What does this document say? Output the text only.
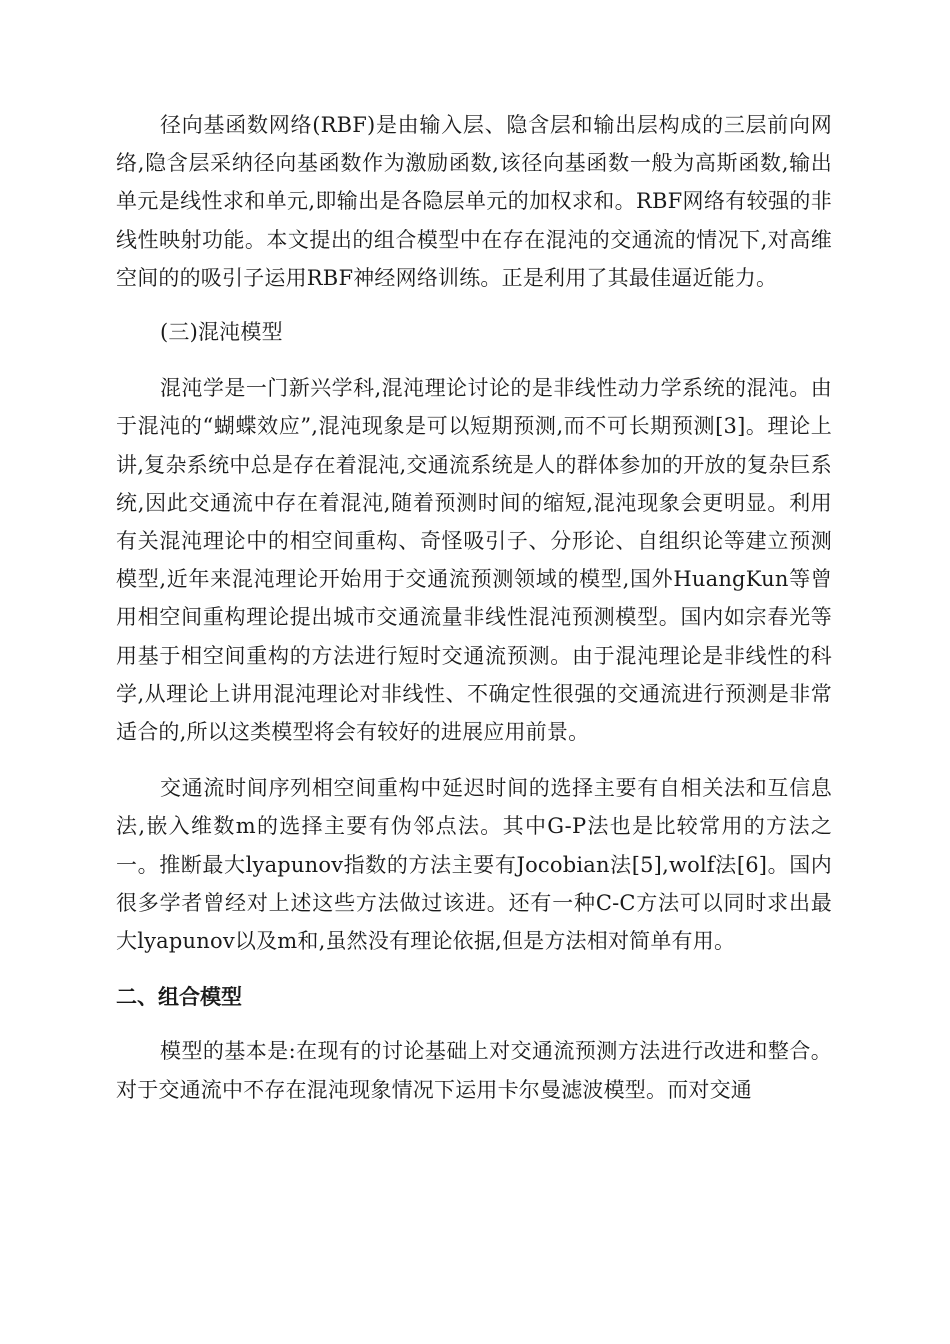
径向基函数网络(RBF)是由输入层、隐含层和输出层构成的三层前向网络,隐含层采纳径向基函数作为激励函数,该径向基函数一般为高斯函数,输出单元是线性求和单元,即输出是各隐层单元的加权求和。RBF网络有较强的非线性映射功能。本文提出的组合模型中在存在混沌的交通流的情况下,对高维空间的的吸引子运用RBF神经网络训练。正是利用了其最佳逼近能力。

(三)混沌模型

混沌学是一门新兴学科,混沌理论讨论的是非线性动力学系统的混沌。由于混沌的“蝴蝶效应”,混沌现象是可以短期预测,而不可长期预测[3]。理论上讲,复杂系统中总是存在着混沌,交通流系统是人的群体参加的开放的复杂巨系统,因此交通流中存在着混沌,随着预测时间的缩短,混沌现象会更明显。利用有关混沌理论中的相空间重构、奇怪吸引子、分形论、自组织论等建立预测模型,近年来混沌理论开始用于交通流预测领域的模型,国外HuangKun等曾用相空间重构理论提出城市交通流量非线性混沌预测模型。国内如宗春光等用基于相空间重构的方法进行短时交通流预测。由于混沌理论是非线性的科学,从理论上讲用混沌理论对非线性、不确定性很强的交通流进行预测是非常适合的,所以这类模型将会有较好的进展应用前景。

交通流时间序列相空间重构中延迟时间的选择主要有自相关法和互信息法,嵌入维数m的选择主要有伪邻点法。其中G-P法也是比较常用的方法之一。推断最大lyapunov指数的方法主要有Jocobian法[5],wolf法[6]。国内很多学者曾经对上述这些方法做过该进。还有一种C-C方法可以同时求出最大lyapunov以及m和,虽然没有理论依据,但是方法相对简单有用。

二、组合模型

模型的基本是:在现有的讨论基础上对交通流预测方法进行改进和整合。对于交通流中不存在混沌现象情况下运用卡尔曼滤波模型。而对交通
